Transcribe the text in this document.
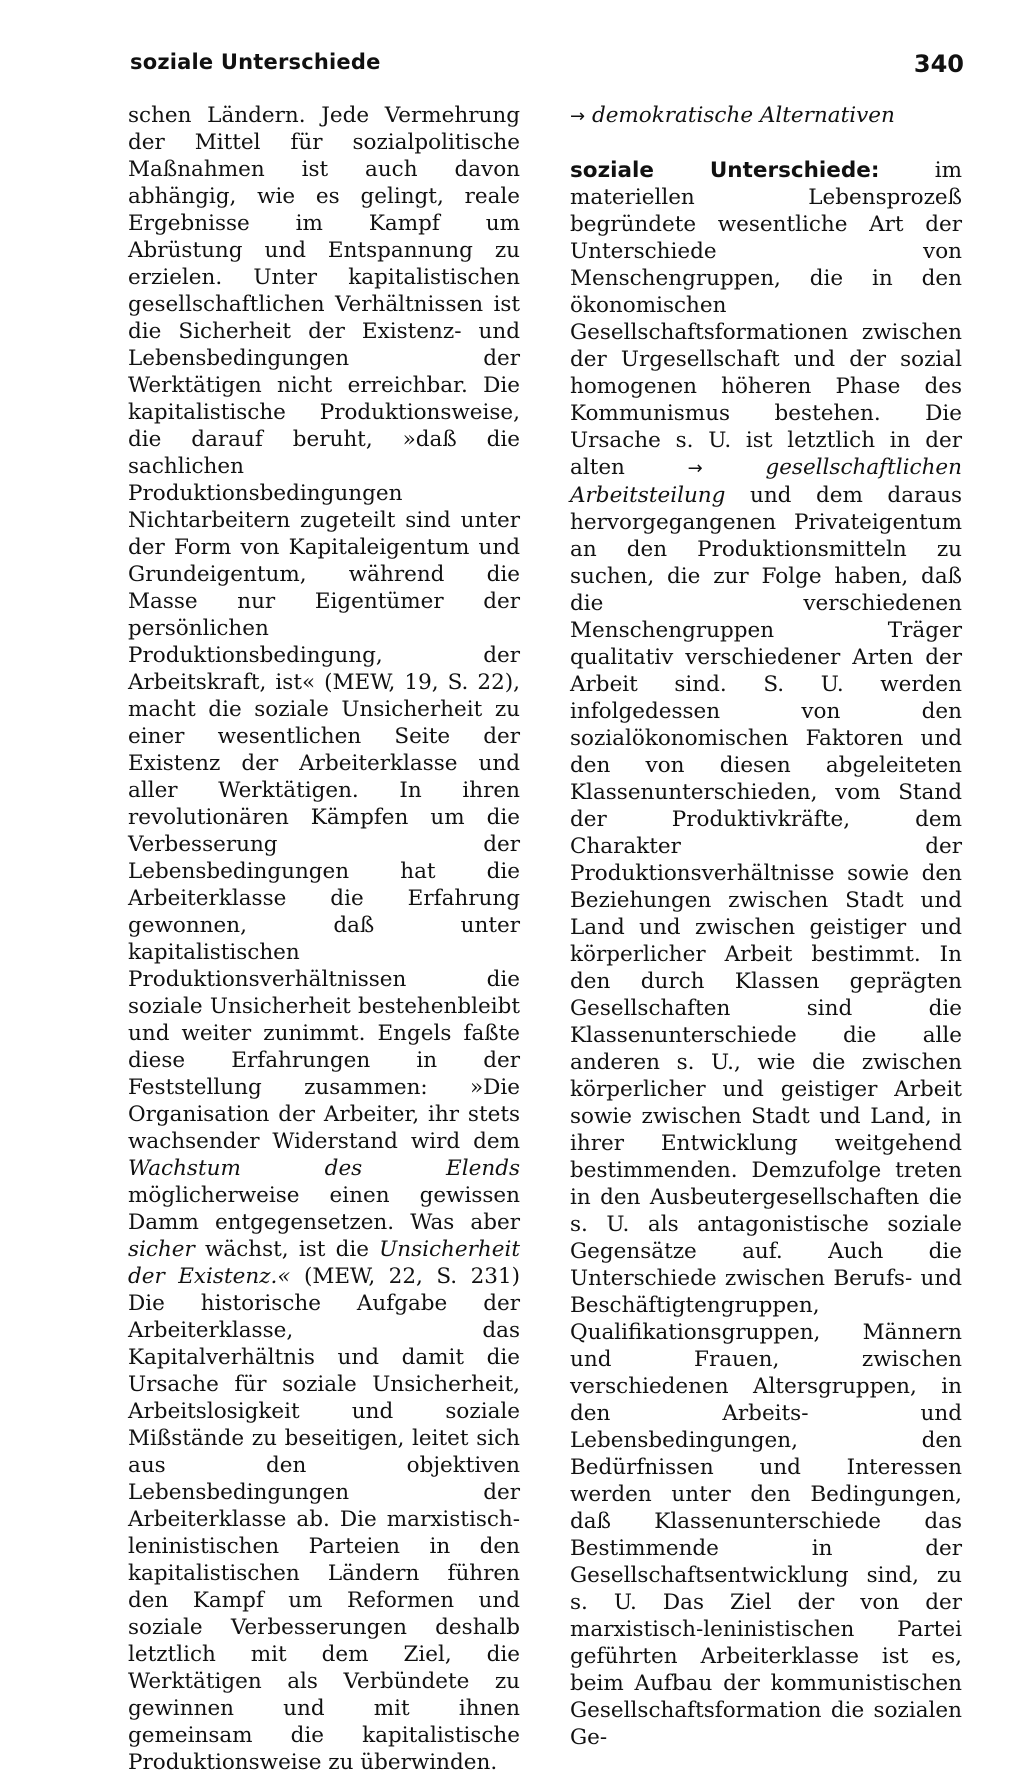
soziale Unterschiede	340

schen Ländern. Jede Vermehrung der Mittel für sozialpolitische Maßnahmen ist auch davon abhängig, wie es gelingt, reale Ergebnisse im Kampf um Abrüstung und Entspannung zu erzielen. Unter kapitalistischen gesellschaftlichen Verhältnissen ist die Sicherheit der Existenz- und Lebensbedingungen der Werktätigen nicht erreichbar. Die kapitalistische Produktionsweise, die darauf beruht, »daß die sachlichen Produktionsbedingungen Nichtarbeitern zugeteilt sind unter der Form von Kapitaleigentum und Grundeigentum, während die Masse nur Eigentümer der persönlichen Produktionsbedingung, der Arbeitskraft, ist« (MEW, 19, S. 22), macht die soziale Unsicherheit zu einer wesentlichen Seite der Existenz der Arbeiterklasse und aller Werktätigen. In ihren revolutionären Kämpfen um die Verbesserung der Lebensbedingungen hat die Arbeiterklasse die Erfahrung gewonnen, daß unter kapitalistischen Produktionsverhältnissen die soziale Unsicherheit bestehenbleibt und weiter zunimmt. Engels faßte diese Erfahrungen in der Feststellung zusammen: »Die Organisation der Arbeiter, ihr stets wachsender Widerstand wird dem Wachstum des Elends möglicherweise einen gewissen Damm entgegensetzen. Was aber sicher wächst, ist die Unsicherheit der Existenz.« (MEW, 22, S. 231) Die historische Aufgabe der Arbeiterklasse, das Kapitalverhältnis und damit die Ursache für soziale Unsicherheit, Arbeitslosigkeit und soziale Mißstände zu beseitigen, leitet sich aus den objektiven Lebensbedingungen der Arbeiterklasse ab. Die marxistisch-leninistischen Parteien in den kapitalistischen Ländern führen den Kampf um Reformen und soziale Verbesserungen deshalb letztlich mit dem Ziel, die Werktätigen als Verbündete zu gewinnen und mit ihnen gemeinsam die kapitalistische Produktionsweise zu überwinden.

→ demokratische Alternativen

soziale Unterschiede:	im materiellen Lebensprozeß begründete wesentliche Art der Unterschiede von Menschengruppen, die in den ökonomischen Gesellschaftsformationen zwischen der Urgesellschaft und der sozial homogenen höheren Phase des Kommunismus bestehen. Die Ursache s. U. ist letztlich in der alten	→	gesellschaftlichen Arbeitsteilung und dem daraus hervorgegangenen Privateigentum an den Produktionsmitteln zu suchen, die zur Folge haben, daß die verschiedenen Menschengruppen Träger qualitativ verschiedener Arten der Arbeit sind. S. U. werden infolgedessen von den sozialökonomischen Faktoren und den von diesen abgeleiteten Klassenunterschieden, vom Stand der Produktivkräfte, dem Charakter der Produktionsverhältnisse sowie den Beziehungen zwischen Stadt und Land und zwischen geistiger und körperlicher Arbeit bestimmt. In den durch Klassen geprägten Gesellschaften sind die Klassenunterschiede die alle anderen s. U., wie die zwischen körperlicher und geistiger Arbeit sowie zwischen Stadt und Land, in ihrer Entwicklung weitgehend bestimmenden. Demzufolge treten in den Ausbeutergesellschaften die s. U. als antagonistische soziale Gegensätze auf. Auch die Unterschiede zwischen Berufs- und Beschäftigtengruppen, Qualifikationsgruppen, Männern und Frauen, zwischen verschiedenen Altersgruppen, in den Arbeits- und Lebensbedingungen, den Bedürfnissen und Interessen werden unter den Bedingungen, daß Klassenunterschiede das Bestimmende in der Gesellschaftsentwicklung sind, zu s. U. Das Ziel der von der marxistisch-leninistischen Partei geführten Arbeiterklasse ist es, beim Aufbau der kommunistischen Gesellschaftsformation die sozialen Ge-
